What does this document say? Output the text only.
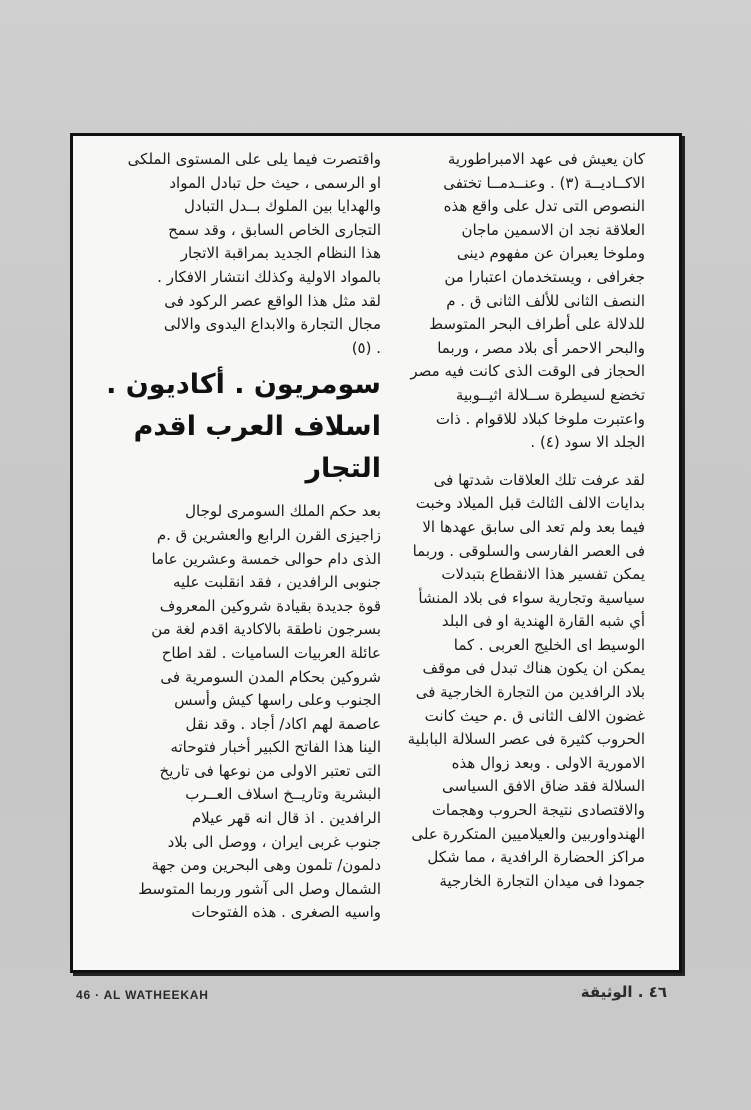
كان يعيش فى عهد الامبراطورية
الاكــاديــة (٣) . وعنــدمــا تختفى
النصوص التى تدل على واقع هذه
العلاقة نجد ان الاسمين ماجان
وملوخا يعبران عن مفهوم دينى
جغرافى ، ويستخدمان اعتبارا من
النصف الثانى للألف الثانى ق . م
للدلالة على أطراف البحر المتوسط
والبحر الاحمر أى بلاد مصر ، وربما
الحجاز فى الوقت الذى كانت فيه مصر
تخضع لسيطرة ســلالة اثيــوبية
واعتبرت ملوخا كبلاد للاقوام . ذات
الجلد الا سود (٤) .
لقد عرفت تلك العلاقات شدتها فى
بدايات الالف الثالث قبل الميلاد وخبت
فيما بعد ولم تعد الى سابق عهدها الا
فى العصر الفارسى والسلوقى . وربما
يمكن تفسير هذا الانقطاع بتبدلات
سياسية وتجارية سواء فى بلاد المنشأ
أي شبه القارة الهندية او فى البلد
الوسيط اى الخليج العربى . كما
يمكن ان يكون هناك تبدل فى موقف
بلاد الرافدين من التجارة الخارجية فى
غضون الالف الثانى ق .م حيث كانت
الحروب كثيرة فى عصر السلالة البابلية
الامورية الاولى . وبعد زوال هذه
السلالة فقد ضاق الافق السياسى
والاقتصادى نتيجة الحروب وهجمات
الهندواوربين والعيلاميين المتكررة على
مراكز الحضارة الرافدية ، مما شكل
جمودا فى ميدان التجارة الخارجية
واقتصرت فيما يلى على المستوى الملكى
او الرسمى ، حيث حل تبادل المواد
والهدايا بين الملوك بــدل التبادل
التجارى الخاص السابق ، وقد سمح
هذا النظام الجديد بمراقبة الاتجار
بالمواد الاولية وكذلك انتشار الافكار .
لقد مثل هذا الواقع عصر الركود فى
مجال التجارة والابداع اليدوى والالى
. (٥)
سومريون . أكاديون .
اسلاف العرب اقدم
التجار
بعد حكم الملك السومرى لوجال
زاجيزى القرن الرابع والعشرين ق .م
الذى دام حوالى خمسة وعشرين عاما
جنوبى الرافدين ، فقد انقلبت عليه
قوة جديدة بقيادة شروكين المعروف
بسرجون ناطقة بالاكادية اقدم لغة من
عائلة العربيات الساميات . لقد اطاح
شروكين بحكام المدن السومرية فى
الجنوب وعلى راسها كيش وأسس
عاصمة لهم اكاد/ أجاد . وقد نقل
الينا هذا الفاتح الكبير أخبار فتوحاته
التى تعتبر الاولى من نوعها فى تاريخ
البشرية وتاريــخ اسلاف العــرب
الرافدين . اذ قال انه قهر عيلام
جنوب غربى ايران ، ووصل الى بلاد
دلمون/ تلمون وهى البحرين ومن جهة
الشمال وصل الى آشور وربما المتوسط
واسيه الصغرى . هذه الفتوحات
46 · AL WATHEEKAH	٤٦ . الوثيقة
